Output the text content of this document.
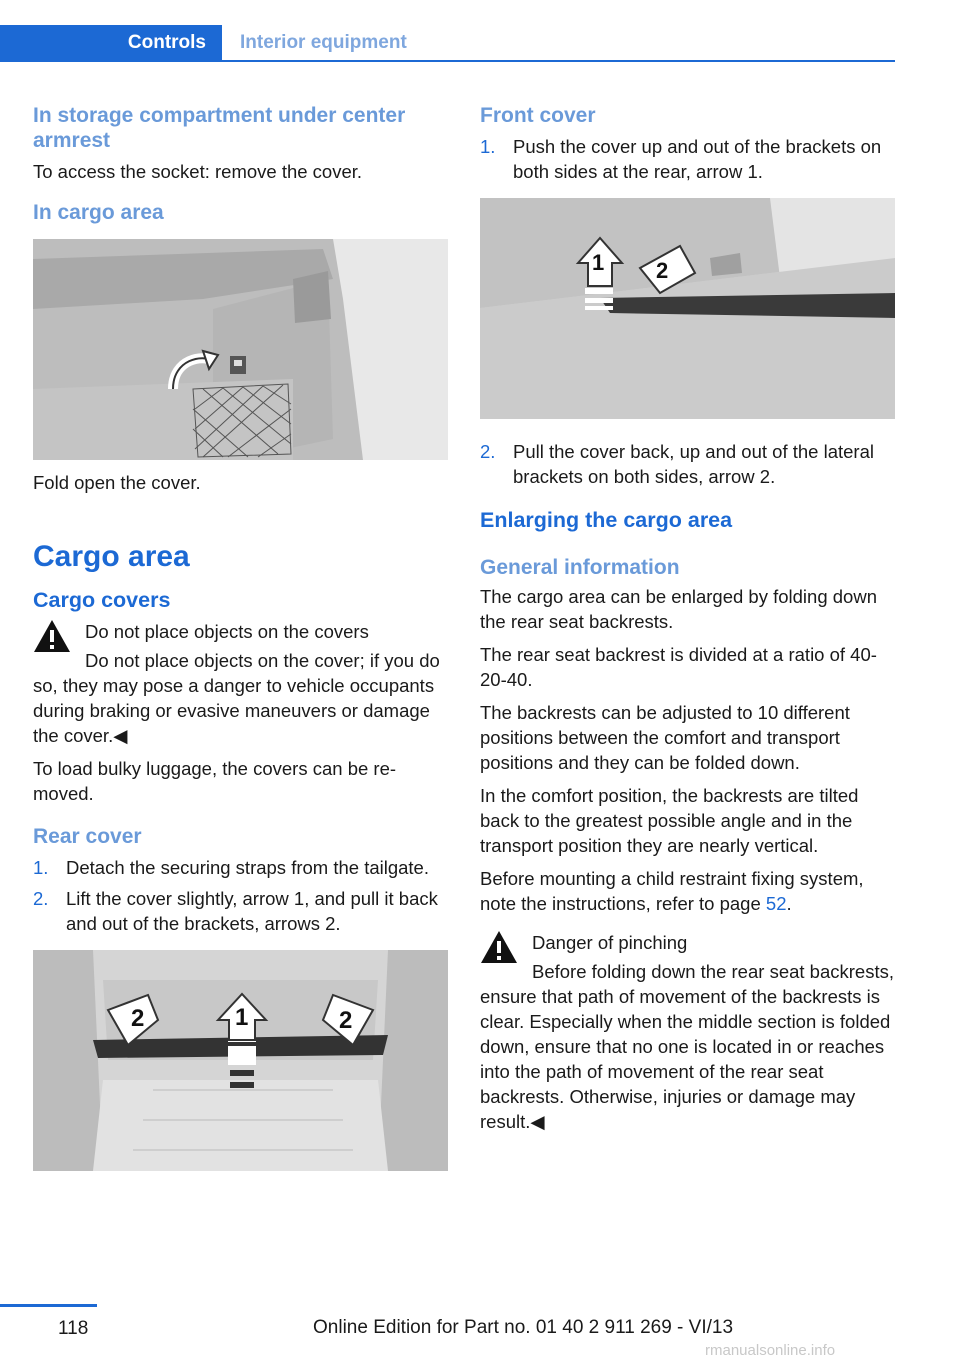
Controls	Interior equipment
In storage compartment under center armrest

To access the socket: remove the cover.

In cargo area

Fold open the cover.

Cargo area
Cargo covers

Do not place objects on the covers

Do not place objects on the cover; if you do so, they may pose a danger to vehicle occupants during braking or evasive maneuvers or damage the cover.◀

To load bulky luggage, the covers can be removed.

Rear cover
1. Detach the securing straps from the tailgate.
2. Lift the cover slightly, arrow 1, and pull it back and out of the brackets, arrows 2.
2	1	2
Front cover
1. Push the cover up and out of the brackets on both sides at the rear, arrow 1.
1 2
2. Pull the cover back, up and out of the lateral brackets on both sides, arrow 2.
Enlarging the cargo area
General information

The cargo area can be enlarged by folding down the rear seat backrests.

The rear seat backrest is divided at a ratio of 40-20-40.

The backrests can be adjusted to 10 different positions between the comfort and transport positions and they can be folded down.

In the comfort position, the backrests are tilted back to the greatest possible angle and in the transport position they are nearly vertical.

Before mounting a child restraint fixing system, note the instructions, refer to page 52.

Danger of pinching

Before folding down the rear seat backrests, ensure that path of movement of the backrests is clear. Especially when the middle section is folded down, ensure that no one is located in or reaches into the path of movement of the rear seat backrests. Otherwise, injuries or damage may result.◀

118	Online Edition for Part no. 01 40 2 911 269 - VI/13
rmanualsonline.info
